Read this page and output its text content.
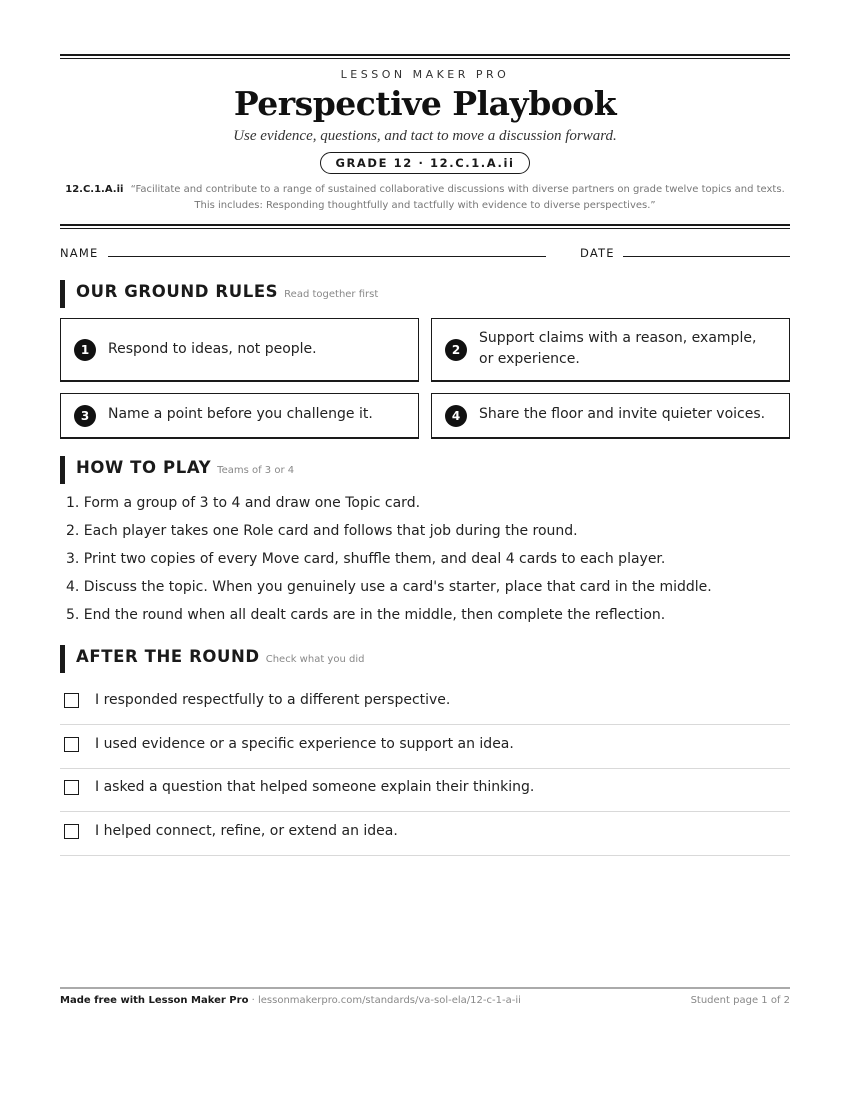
LESSON MAKER PRO
Perspective Playbook
Use evidence, questions, and tact to move a discussion forward.
GRADE 12 · 12.C.1.A.ii
12.C.1.A.ii “Facilitate and contribute to a range of sustained collaborative discussions with diverse partners on grade twelve topics and texts. This includes: Responding thoughtfully and tactfully with evidence to diverse perspectives.”
NAME	DATE
OUR GROUND RULES Read together first
1	Respond to ideas, not people.	2
Support claims with a reason, example, or experience.
3	Name a point before you challenge it.	4	Share the floor and invite quieter voices.
HOW TO PLAY Teams of 3 or 4
1. Form a group of 3 to 4 and draw one Topic card.
2. Each player takes one Role card and follows that job during the round.
3. Print two copies of every Move card, shuffle them, and deal 4 cards to each player.
4. Discuss the topic. When you genuinely use a card's starter, place that card in the middle.
5. End the round when all dealt cards are in the middle, then complete the reflection.
AFTER THE ROUND Check what you did
I responded respectfully to a different perspective.
I used evidence or a specific experience to support an idea.
I asked a question that helped someone explain their thinking.
I helped connect, refine, or extend an idea.
Made free with Lesson Maker Pro · lessonmakerpro.com/standards/va-sol-ela/12-c-1-a-ii	Student page 1 of 2
